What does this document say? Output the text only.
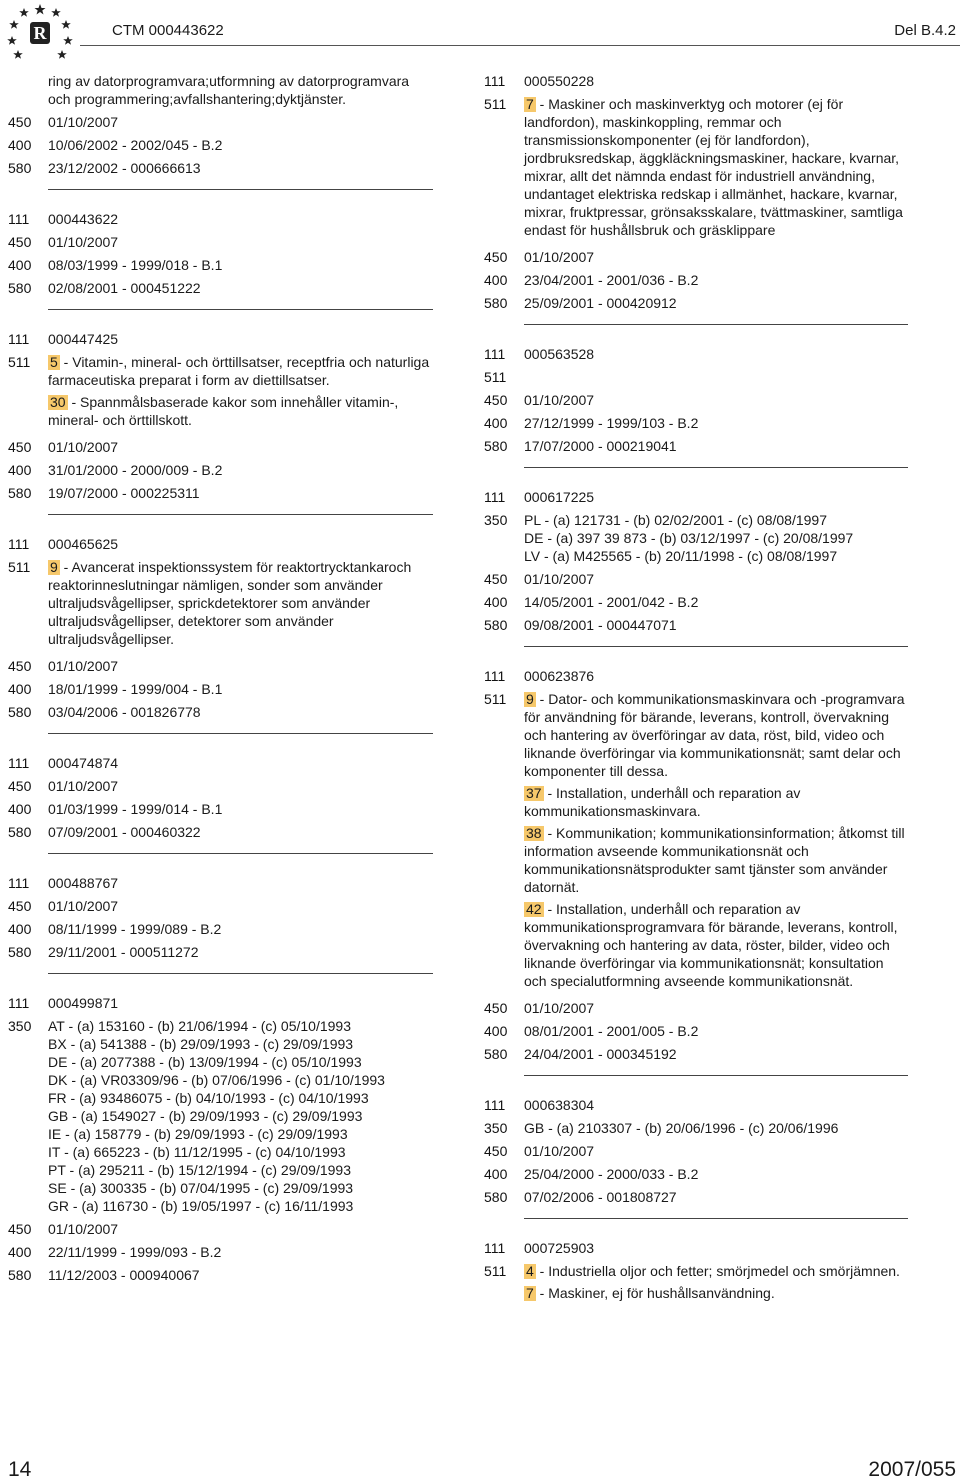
R	CTM 000443622	Del B.4.2
ring av datorprogramvara;utformning av datorprogramvara och programmering;avfallshantering;dyktjänster.
450	01/10/2007
400	10/06/2002 - 2002/045 - B.2
580	23/12/2002 - 000666613
111	000443622
450	01/10/2007
400	08/03/1999 - 1999/018 - B.1
580	02/08/2001 - 000451222
111	000447425
511	5 - Vitamin-, mineral- och örttillsatser, receptfria och naturliga farmaceutiska preparat i form av diettillsatser.

30 - Spannmålsbaserade kakor som innehåller vitamin-, mineral- och örttillskott.

450	01/10/2007
400	31/01/2000 - 2000/009 - B.2
580	19/07/2000 - 000225311
111	000465625
511	9 - Avancerat inspektionssystem för reaktortrycktankaroch reaktorinneslutningar nämligen, sonder som använder ultraljudsvågellipser, sprickdetektorer som använder ultraljudsvågellipser, detektorer som använder ultraljudsvågellipser.

450	01/10/2007
400	18/01/1999 - 1999/004 - B.1
580	03/04/2006 - 001826778
111	000474874
450	01/10/2007
400	01/03/1999 - 1999/014 - B.1
580	07/09/2001 - 000460322
111	000488767
450	01/10/2007
400	08/11/1999 - 1999/089 - B.2
580	29/11/2001 - 000511272
111	000499871
350	AT - (a) 153160 - (b) 21/06/1994 - (c) 05/10/1993
BX - (a) 541388 - (b) 29/09/1993 - (c) 29/09/1993
DE - (a) 2077388 - (b) 13/09/1994 - (c) 05/10/1993
DK - (a) VR03309/96 - (b) 07/06/1996 - (c) 01/10/1993
FR - (a) 93486075 - (b) 04/10/1993 - (c) 04/10/1993
GB - (a) 1549027 - (b) 29/09/1993 - (c) 29/09/1993
IE - (a) 158779 - (b) 29/09/1993 - (c) 29/09/1993
IT - (a) 665223 - (b) 11/12/1995 - (c) 04/10/1993
PT - (a) 295211 - (b) 15/12/1994 - (c) 29/09/1993
SE - (a) 300335 - (b) 07/04/1995 - (c) 29/09/1993
GR - (a) 116730 - (b) 19/05/1997 - (c) 16/11/1993
450	01/10/2007
400	22/11/1999 - 1999/093 - B.2
580	11/12/2003 - 000940067
111	000550228
511	7 - Maskiner och maskinverktyg och motorer (ej för landfordon), maskinkoppling, remmar och transmissionskomponenter (ej för landfordon), jordbruksredskap, äggkläckningsmaskiner, hackare, kvarnar, mixrar, allt det nämnda endast för industriell användning, undantaget elektriska redskap i allmänhet, hackare, kvarnar, mixrar, fruktpressar, grönsaksskalare, tvättmaskiner, samtliga endast för hushållsbruk och gräsklippare

450	01/10/2007
400	23/04/2001 - 2001/036 - B.2
580	25/09/2001 - 000420912
111	000563528
511
450	01/10/2007
400	27/12/1999 - 1999/103 - B.2
580	17/07/2000 - 000219041
111	000617225
350	PL - (a) 121731 - (b) 02/02/2001 - (c) 08/08/1997
DE - (a) 397 39 873 - (b) 03/12/1997 - (c) 20/08/1997
LV - (a) M425565 - (b) 20/11/1998 - (c) 08/08/1997
450	01/10/2007
400	14/05/2001 - 2001/042 - B.2
580	09/08/2001 - 000447071
111	000623876
511	9 - Dator- och kommunikationsmaskinvara och -programvara för användning för bärande, leverans, kontroll, övervakning och hantering av överföringar av data, röst, bild, video och liknande överföringar via kommunikationsnät; samt delar och komponenter till dessa.

37 - Installation, underhåll och reparation av kommunikationsmaskinvara.

38 - Kommunikation; kommunikationsinformation; åtkomst till information avseende kommunikationsnät och kommunikationsnätsprodukter samt tjänster som använder datornät.

42 - Installation, underhåll och reparation av kommunikationsprogramvara för bärande, leverans, kontroll, övervakning och hantering av data, röster, bilder, video och liknande överföringar via kommunikationsnät; konsultation och specialutformning avseende kommunikationsnät.

450	01/10/2007
400	08/01/2001 - 2001/005 - B.2
580	24/04/2001 - 000345192
111	000638304
350	GB - (a) 2103307 - (b) 20/06/1996 - (c) 20/06/1996
450	01/10/2007
400	25/04/2000 - 2000/033 - B.2
580	07/02/2006 - 001808727
111	000725903
511	4 - Industriella oljor och fetter; smörjmedel och smörjämnen.

7 - Maskiner, ej för hushållsanvändning.

14	2007/055
